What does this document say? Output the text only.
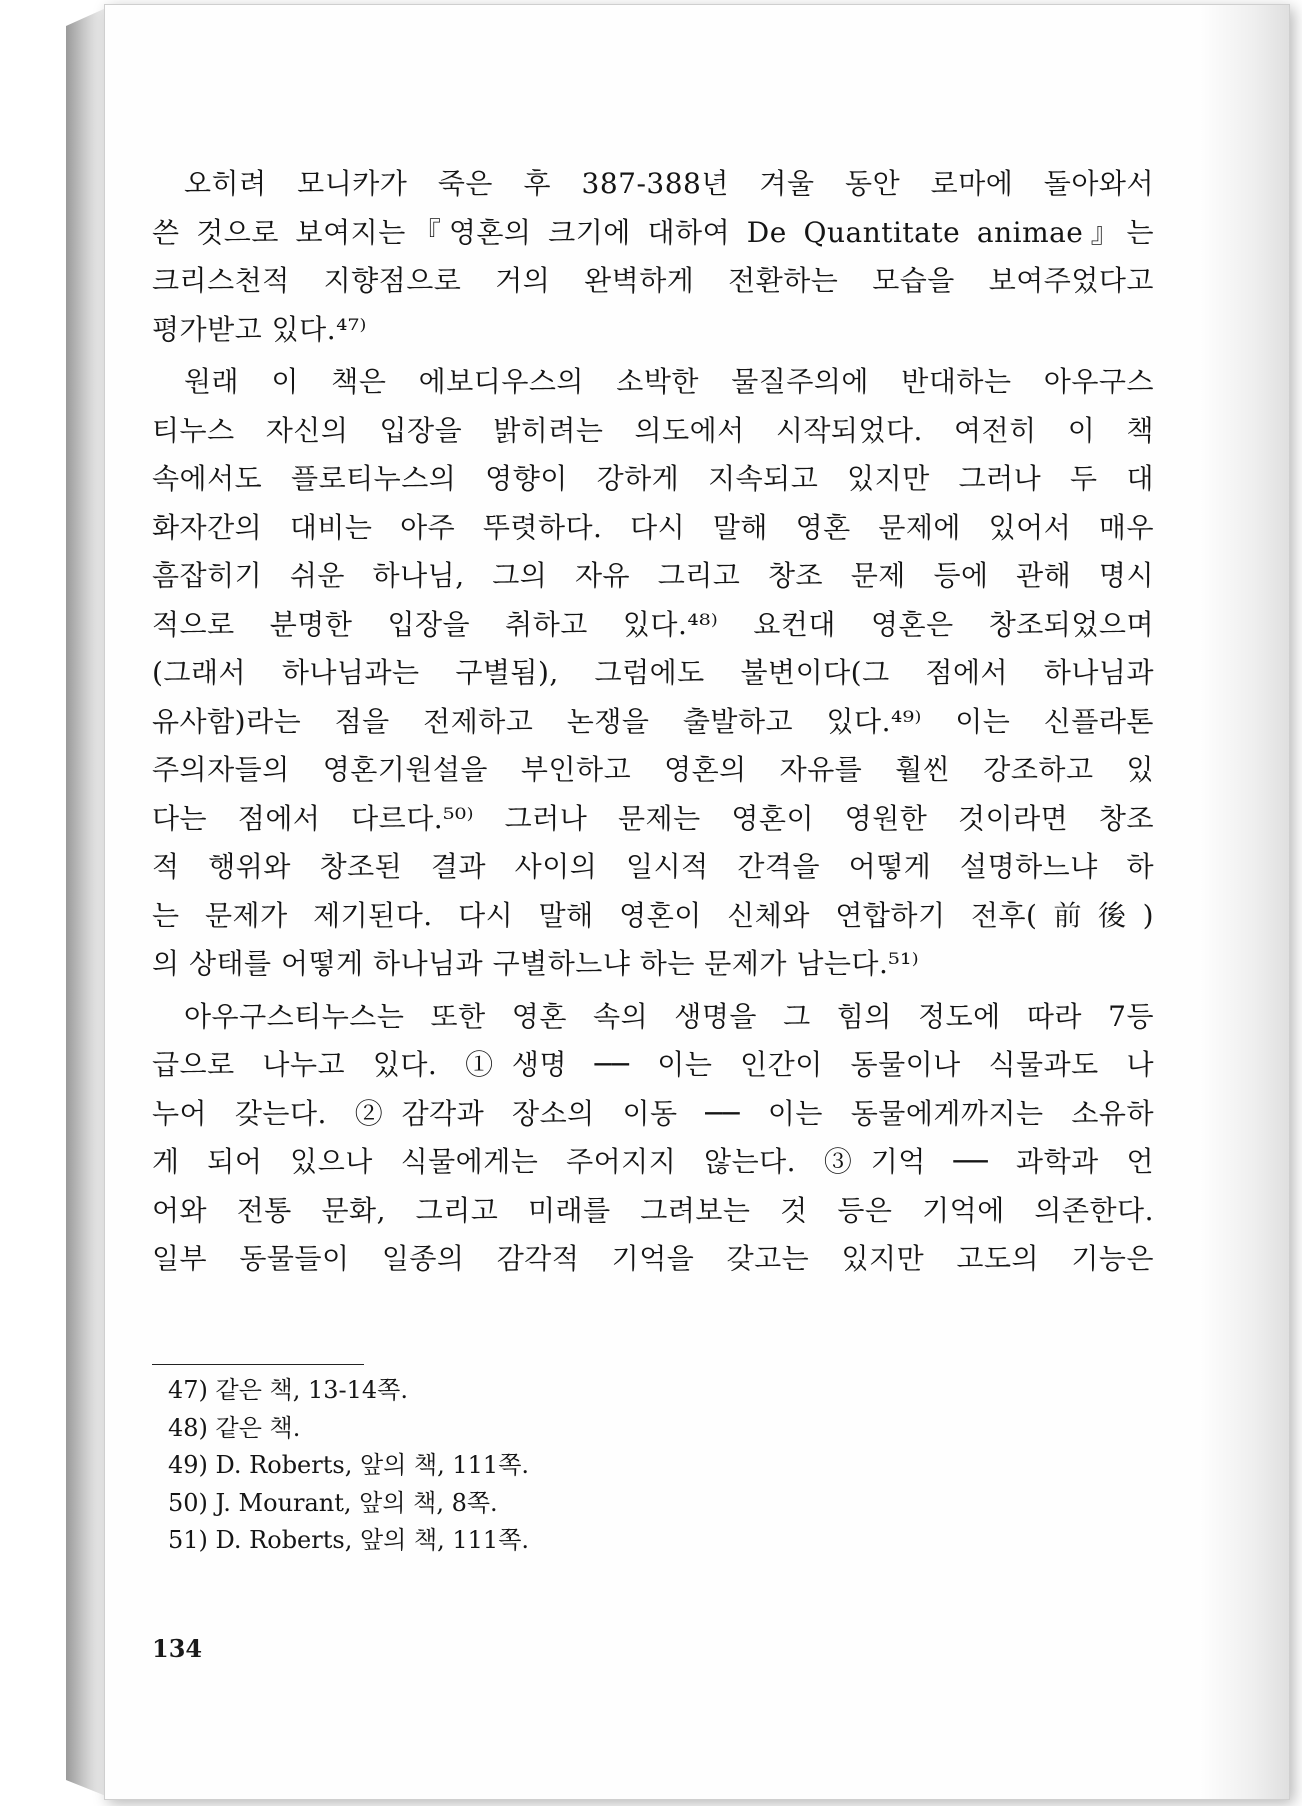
오히려 모니카가 죽은 후 387-388년 겨울 동안 로마에 돌아와서
쓴 것으로 보여지는『영혼의 크기에 대하여 De Quantitate animae』는
크리스천적 지향점으로 거의 완벽하게 전환하는 모습을 보여주었다고
평가받고 있다.⁴⁷⁾
원래 이 책은 에보디우스의 소박한 물질주의에 반대하는 아우구스
티누스 자신의 입장을 밝히려는 의도에서 시작되었다. 여전히 이 책
속에서도 플로티누스의 영향이 강하게 지속되고 있지만 그러나 두 대
화자간의 대비는 아주 뚜렷하다. 다시 말해 영혼 문제에 있어서 매우
흠잡히기 쉬운 하나님, 그의 자유 그리고 창조 문제 등에 관해 명시
적으로 분명한 입장을 취하고 있다.⁴⁸⁾ 요컨대 영혼은 창조되었으며
(그래서 하나님과는 구별됨), 그럼에도 불변이다(그 점에서 하나님과
유사함)라는 점을 전제하고 논쟁을 출발하고 있다.⁴⁹⁾ 이는 신플라톤
주의자들의 영혼기원설을 부인하고 영혼의 자유를 훨씬 강조하고 있
다는 점에서 다르다.⁵⁰⁾ 그러나 문제는 영혼이 영원한 것이라면 창조
적 행위와 창조된 결과 사이의 일시적 간격을 어떻게 설명하느냐 하
는 문제가 제기된다. 다시 말해 영혼이 신체와 연합하기 전후(前後)
의 상태를 어떻게 하나님과 구별하느냐 하는 문제가 남는다.⁵¹⁾
아우구스티누스는 또한 영혼 속의 생명을 그 힘의 정도에 따라 7등
급으로 나누고 있다. ①생명 ── 이는 인간이 동물이나 식물과도 나
누어 갖는다. ②감각과 장소의 이동 ── 이는 동물에게까지는 소유하
게 되어 있으나 식물에게는 주어지지 않는다. ③기억 ── 과학과 언
어와 전통 문화, 그리고 미래를 그려보는 것 등은 기억에 의존한다.
일부 동물들이 일종의 감각적 기억을 갖고는 있지만 고도의 기능은
47) 같은 책, 13-14쪽.
48) 같은 책.
49) D. Roberts, 앞의 책, 111쪽.
50) J. Mourant, 앞의 책, 8쪽.
51) D. Roberts, 앞의 책, 111쪽.
134
